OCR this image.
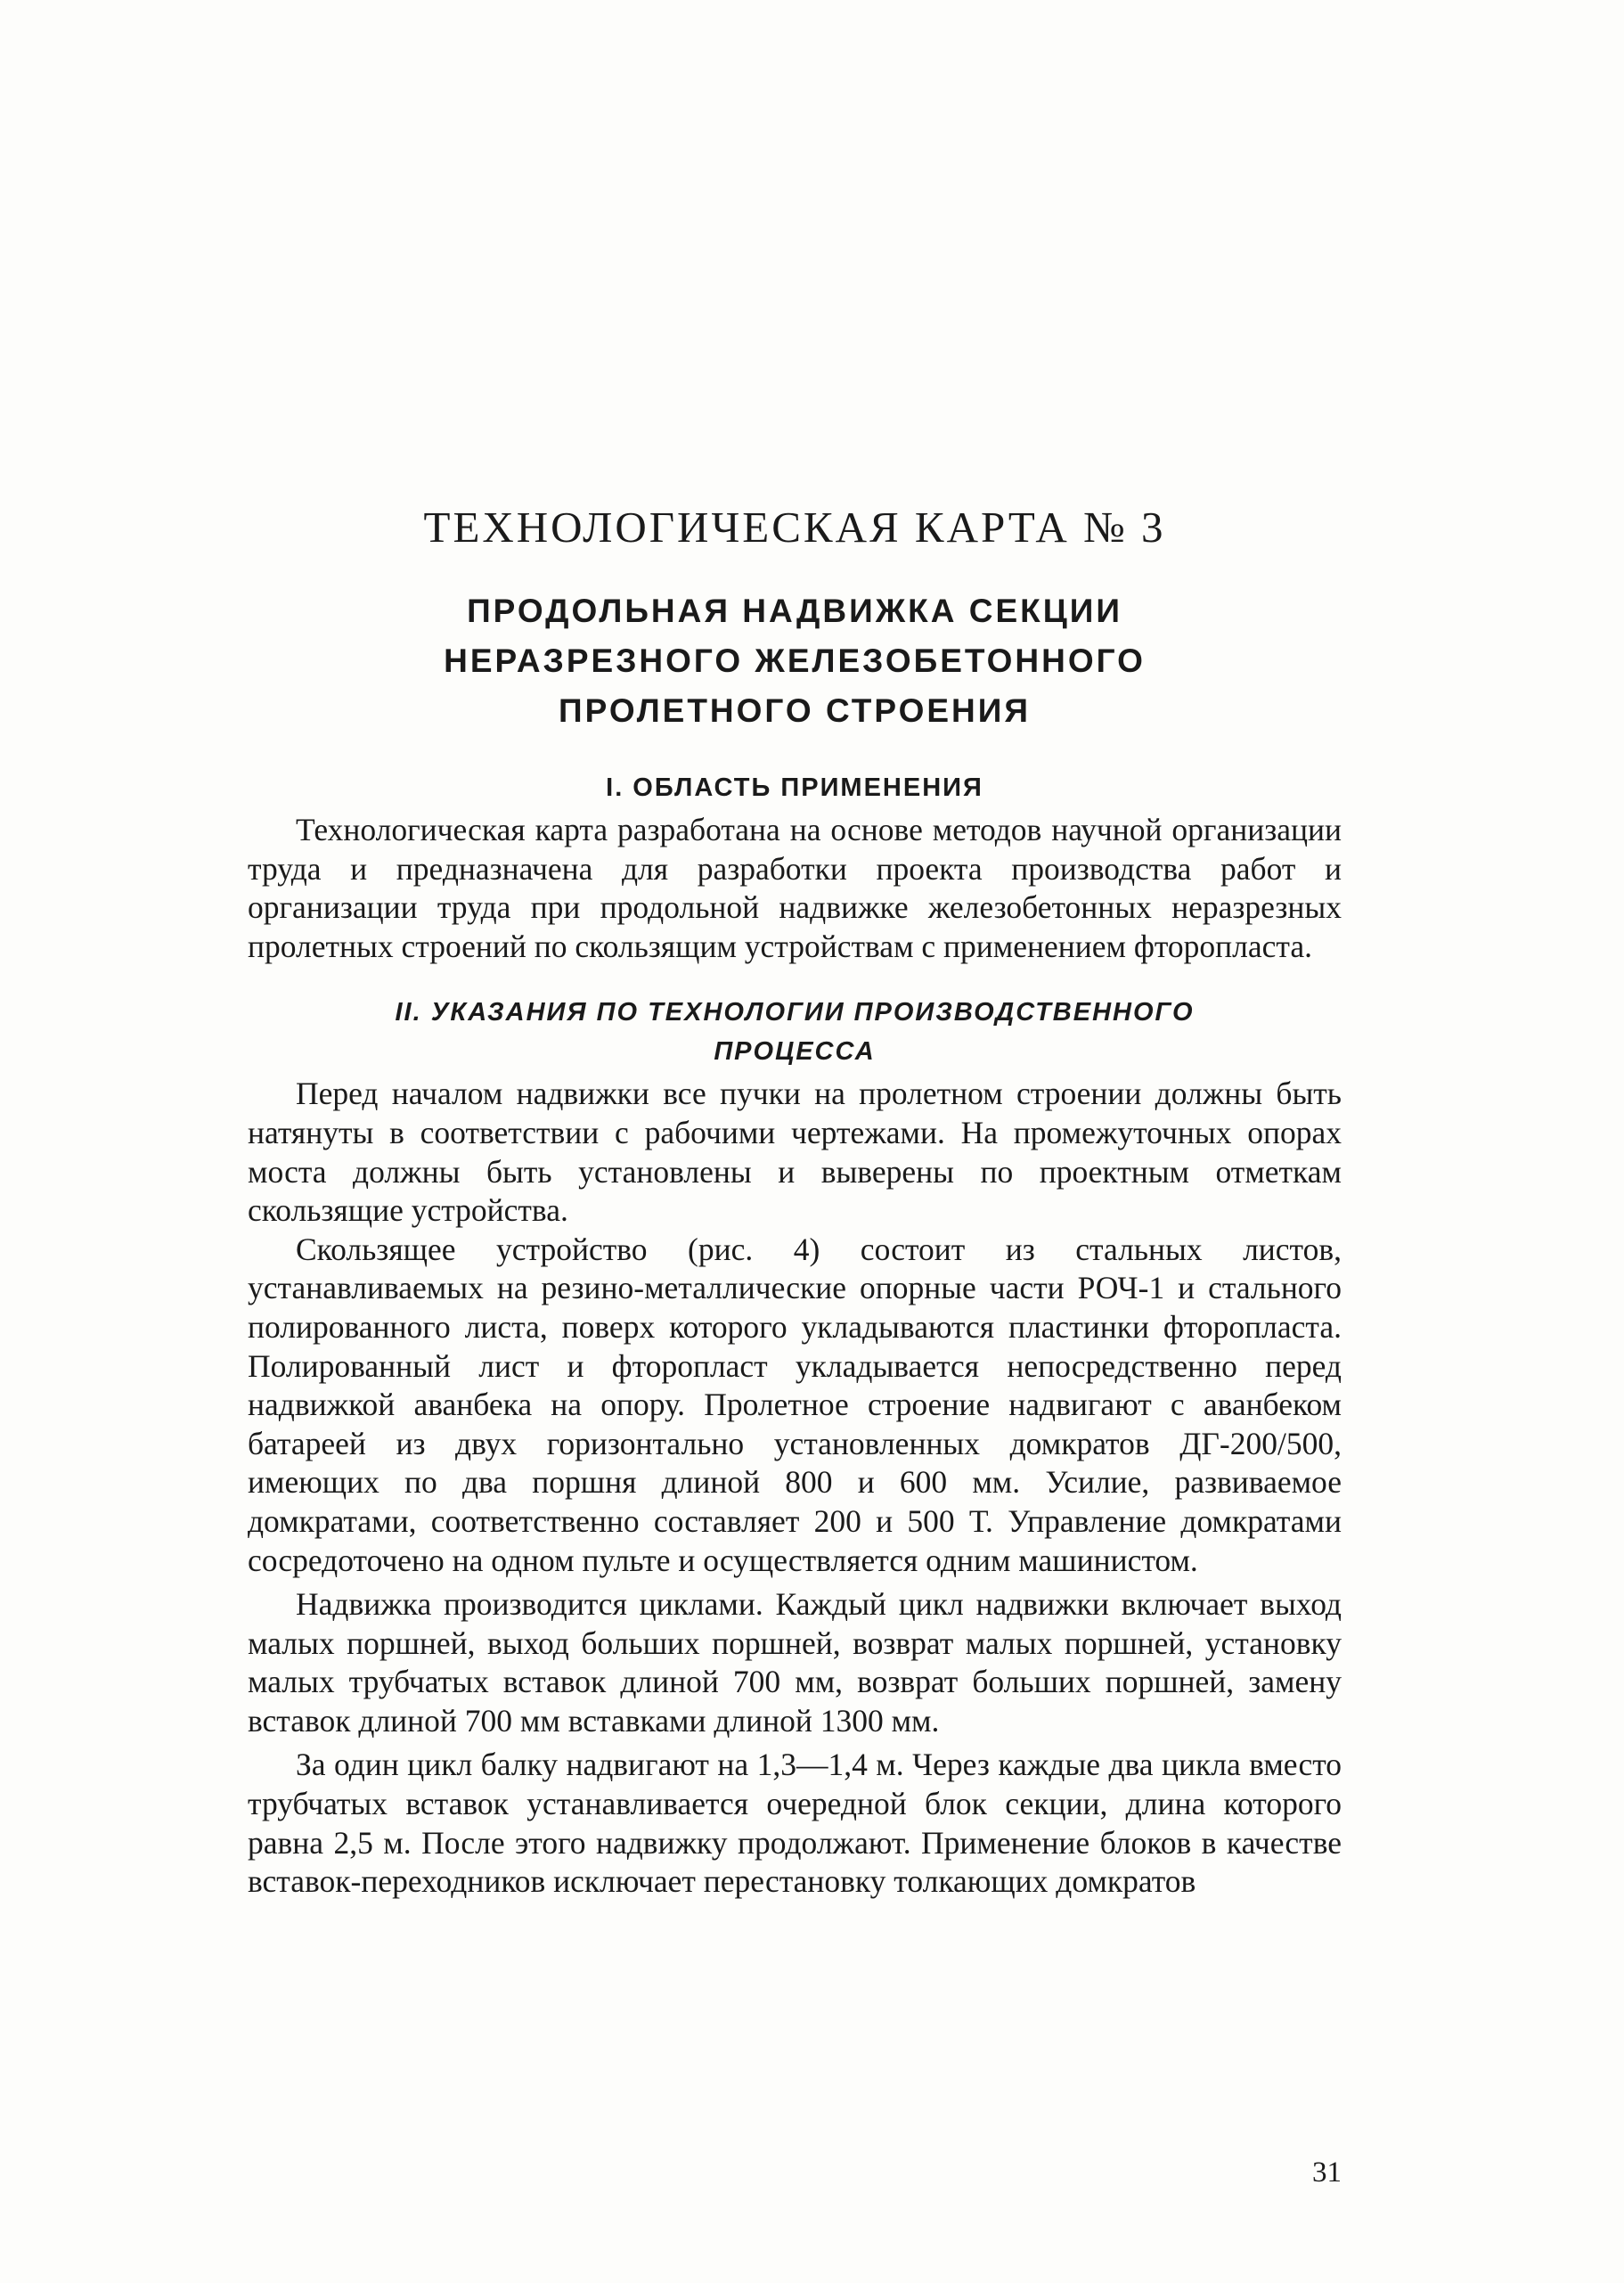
ТЕХНОЛОГИЧЕСКАЯ КАРТА № 3
ПРОДОЛЬНАЯ НАДВИЖКА СЕКЦИИ
НЕРАЗРЕЗНОГО ЖЕЛЕЗОБЕТОННОГО
ПРОЛЕТНОГО СТРОЕНИЯ
I. ОБЛАСТЬ ПРИМЕНЕНИЯ

Технологическая карта разработана на основе методов научной организации труда и предназначена для разработки проекта производства работ и организации труда при продольной надвижке железобетонных неразрезных пролетных строений по скользящим устройствам с применением фторопласта.

II. УКАЗАНИЯ ПО ТЕХНОЛОГИИ ПРОИЗВОДСТВЕННОГО
ПРОЦЕССА

Перед началом надвижки все пучки на пролетном строении должны быть натянуты в соответствии с рабочими чертежами. На промежуточных опорах моста должны быть установлены и выверены по проектным отметкам скользящие устройства.

Скользящее устройство (рис. 4) состоит из стальных листов, устанавливаемых на резино-металлические опорные части РОЧ-1 и стального полированного листа, поверх которого укладываются пластинки фторопласта. Полированный лист и фторопласт укладывается непосредственно перед надвижкой аванбека на опору. Пролетное строение надвигают с аванбеком батареей из двух горизонтально установленных домкратов ДГ-200/500, имеющих по два поршня длиной 800 и 600 мм. Усилие, развиваемое домкратами, соответственно составляет 200 и 500 Т. Управление домкратами сосредоточено на одном пульте и осуществляется одним машинистом.

Надвижка производится циклами. Каждый цикл надвижки включает выход малых поршней, выход больших поршней, возврат малых поршней, установку малых трубчатых вставок длиной 700 мм, возврат больших поршней, замену вставок длиной 700 мм вставками длиной 1300 мм.

За один цикл балку надвигают на 1,3—1,4 м. Через каждые два цикла вместо трубчатых вставок устанавливается очередной блок секции, длина которого равна 2,5 м. После этого надвижку продолжают. Применение блоков в качестве вставок-переходников исключает перестановку толкающих домкратов

31
